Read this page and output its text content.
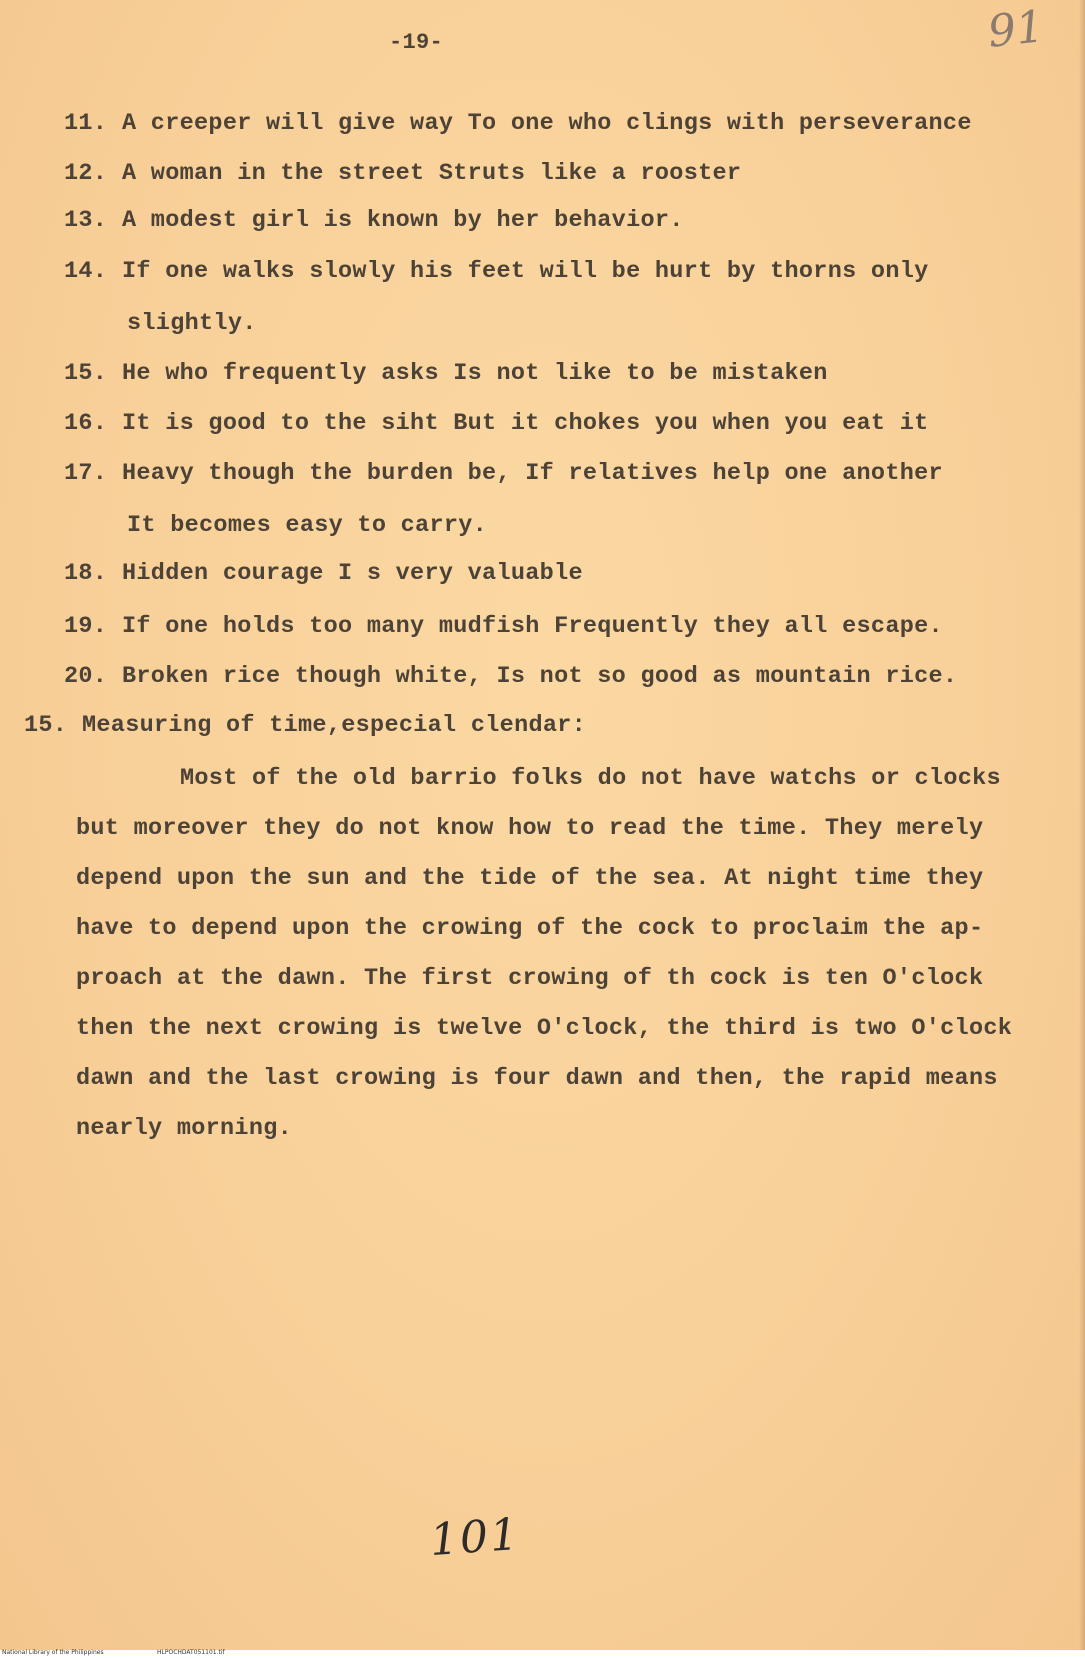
-19-	91
11. A creeper will give way To one who clings with perseverance
12. A woman in the street Struts like a rooster
13. A modest girl is known by her behavior.
14. If one walks slowly his feet will be hurt by thorns only
slightly.
15. He who frequently asks Is not like to be mistaken
16. It is good to the siht But it chokes you when you eat it
17. Heavy though the burden be, If relatives help one another
It becomes easy to carry.
18. Hidden courage I s very valuable
19. If one holds too many mudfish Frequently they all escape.
20. Broken rice though white, Is not so good as mountain rice.
15. Measuring of time,especial clendar:
Most of the old barrio folks do not have watchs or clocks
but moreover they do not know how to read the time. They merely
depend upon the sun and the tide of the sea. At night time they
have to depend upon the crowing of the cock to proclaim the ap-
proach at the dawn. The first crowing of th cock is ten O'clock
then the next crowing is twelve O'clock, the third is two O'clock
dawn and the last crowing is four dawn and then, the rapid means
nearly morning.
101
National Library of the Philippines	HLPOCHDAT051101.tif
